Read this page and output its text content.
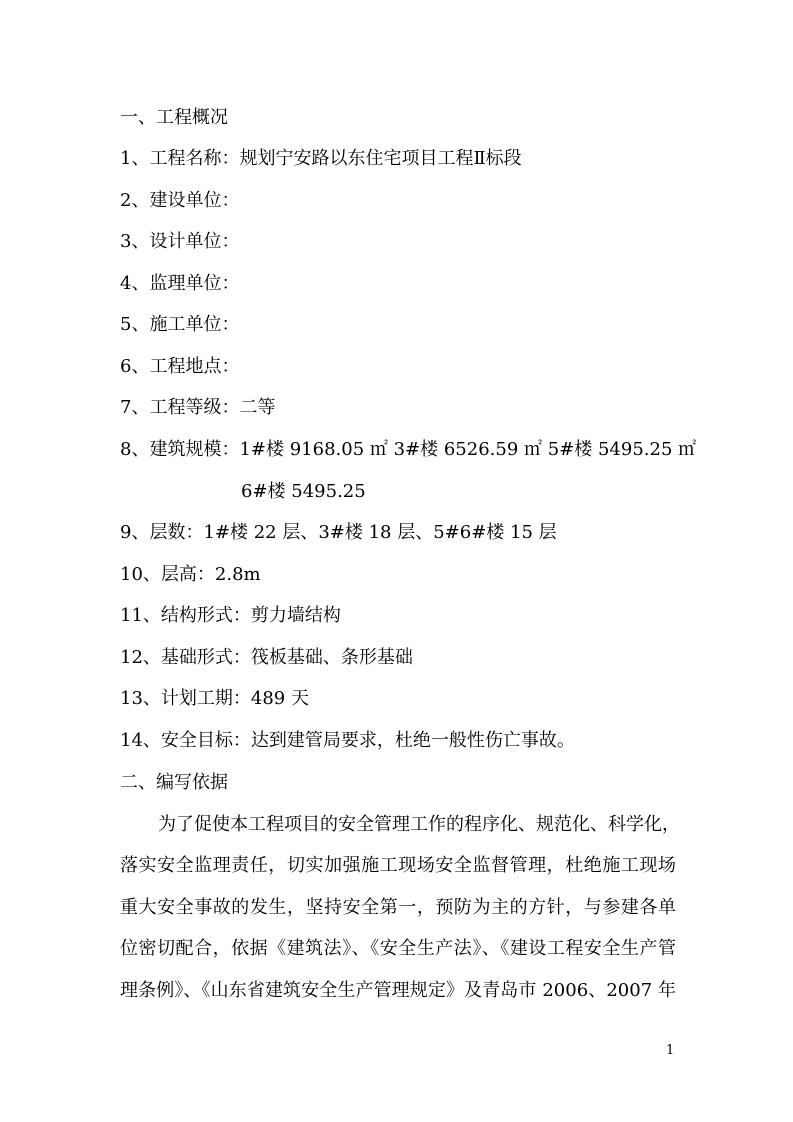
一、工程概况
1、工程名称：规划宁安路以东住宅项目工程Ⅱ标段
2、建设单位：
3、设计单位：
4、监理单位：
5、施工单位：
6、工程地点：
7、工程等级：二等
8、建筑规模：1#楼 9168.05 ㎡ 3#楼 6526.59 ㎡ 5#楼 5495.25 ㎡
6#楼 5495.25
9、层数：1#楼 22 层、3#楼 18 层、5#6#楼 15 层
10、层高：2.8m
11、结构形式：剪力墙结构
12、基础形式：筏板基础、条形基础
13、计划工期：489 天
14、安全目标：达到建管局要求，杜绝一般性伤亡事故。
二、编写依据
为了促使本工程项目的安全管理工作的程序化、规范化、科学化，
落实安全监理责任，切实加强施工现场安全监督管理，杜绝施工现场
重大安全事故的发生，坚持安全第一，预防为主的方针，与参建各单
位密切配合，依据《建筑法》、《安全生产法》、《建设工程安全生产管
理条例》、《山东省建筑安全生产管理规定》及青岛市 2006、2007 年
1
